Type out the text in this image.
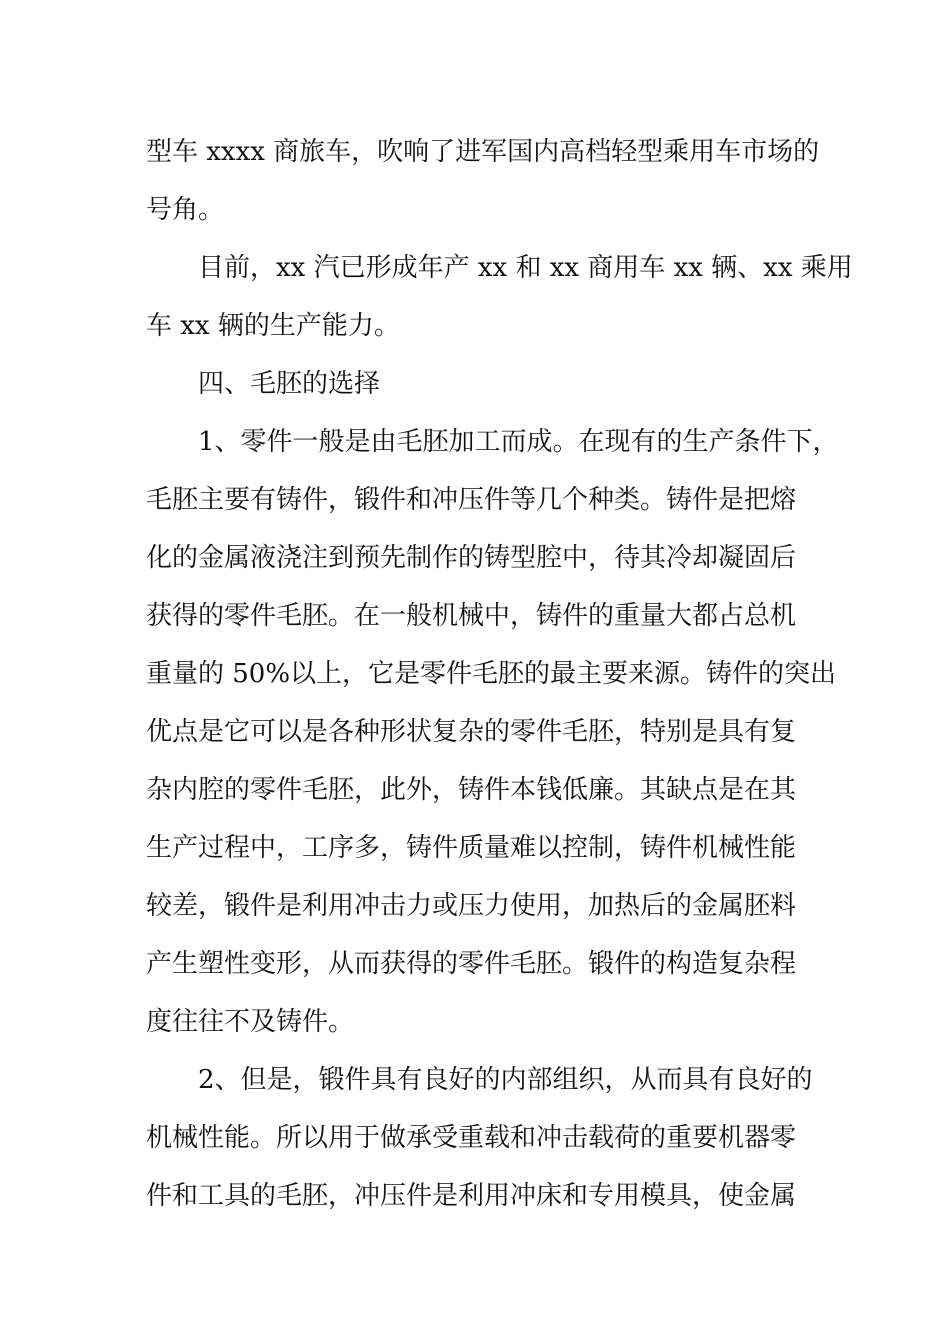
型车 xxxx 商旅车，吹响了进军国内高档轻型乘用车市场的
号角。
目前，xx 汽已形成年产 xx 和 xx 商用车 xx 辆、xx 乘用
车 xx 辆的生产能力。
四、毛胚的选择
1、零件一般是由毛胚加工而成。在现有的生产条件下，
毛胚主要有铸件，锻件和冲压件等几个种类。铸件是把熔
化的金属液浇注到预先制作的铸型腔中，待其冷却凝固后
获得的零件毛胚。在一般机械中，铸件的重量大都占总机
重量的 50%以上，它是零件毛胚的最主要来源。铸件的突出
优点是它可以是各种形状复杂的零件毛胚，特别是具有复
杂内腔的零件毛胚，此外，铸件本钱低廉。其缺点是在其
生产过程中，工序多，铸件质量难以控制，铸件机械性能
较差，锻件是利用冲击力或压力使用，加热后的金属胚料
产生塑性变形，从而获得的零件毛胚。锻件的构造复杂程
度往往不及铸件。
2、但是，锻件具有良好的内部组织，从而具有良好的
机械性能。所以用于做承受重载和冲击载荷的重要机器零
件和工具的毛胚，冲压件是利用冲床和专用模具，使金属
